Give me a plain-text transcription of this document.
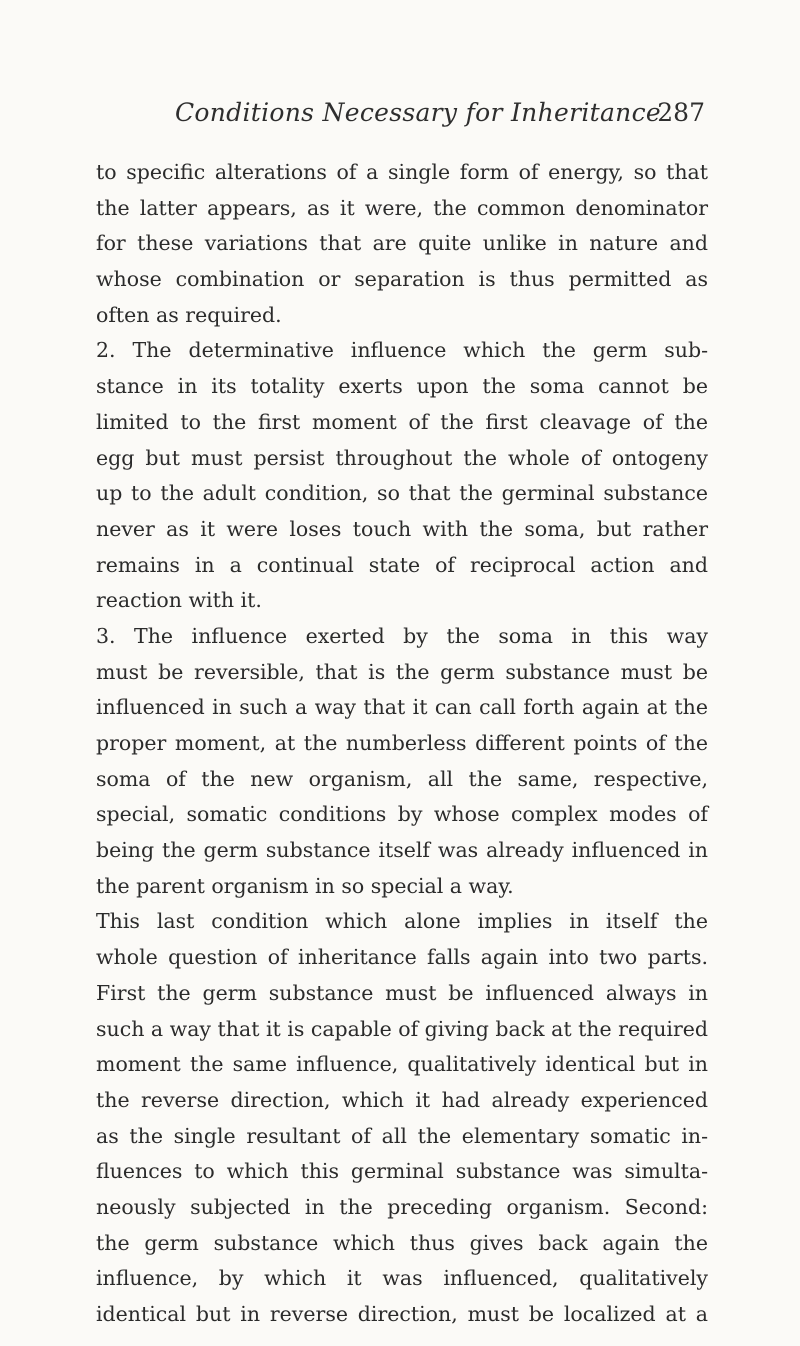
Conditions Necessary for Inheritance
287
to specific alterations of a single form of energy, so that
the latter appears, as it were, the common denominator
for these variations that are quite unlike in nature and
whose combination or separation is thus permitted as
often as required.
2. The determinative influence which the germ sub-
stance in its totality exerts upon the soma cannot be
limited to the first moment of the first cleavage of the
egg but must persist throughout the whole of ontogeny
up to the adult condition, so that the germinal substance
never as it were loses touch with the soma, but rather
remains in a continual state of reciprocal action and
reaction with it.
3. The influence exerted by the soma in this way
must be reversible, that is the germ substance must be
influenced in such a way that it can call forth again at the
proper moment, at the numberless different points of the
soma of the new organism, all the same, respective,
special, somatic conditions by whose complex modes of
being the germ substance itself was already influenced in
the parent organism in so special a way.
This last condition which alone implies in itself the
whole question of inheritance falls again into two parts.
First the germ substance must be influenced always in
such a way that it is capable of giving back at the required
moment the same influence, qualitatively identical but in
the reverse direction, which it had already experienced
as the single resultant of all the elementary somatic in-
fluences to which this germinal substance was simulta-
neously subjected in the preceding organism. Second:
the germ substance which thus gives back again the
influence, by which it was influenced, qualitatively
identical but in reverse direction, must be localized at a
